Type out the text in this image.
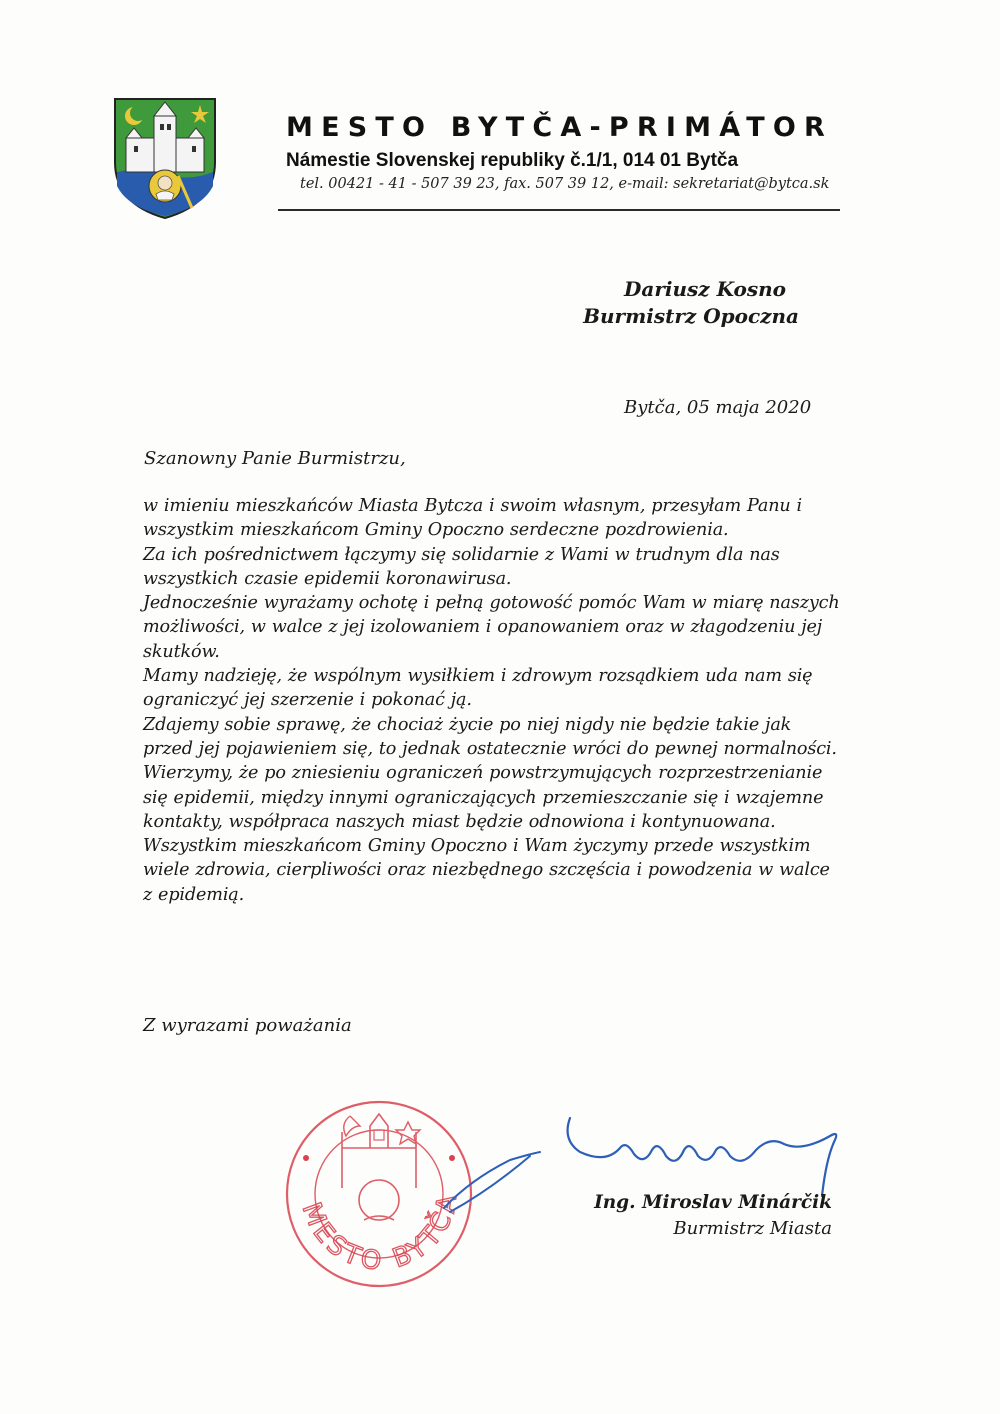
MESTO BYTČA-PRIMÁTOR
Námestie Slovenskej republiky č.1/1, 014 01 Bytča
tel. 00421 - 41 - 507 39 23, fax. 507 39 12, e-mail: sekretariat@bytca.sk
Dariusz Kosno
Burmistrz Opoczna
Bytča, 05 maja 2020
Szanowny Panie Burmistrzu,

w imieniu mieszkańców Miasta Bytcza i swoim własnym, przesyłam Panu i wszystkim mieszkańcom Gminy Opoczno serdeczne pozdrowienia.

Za ich pośrednictwem łączymy się solidarnie z Wami w trudnym dla nas wszystkich czasie epidemii koronawirusa.

Jednocześnie wyrażamy ochotę i pełną gotowość pomóc Wam w miarę naszych możliwości, w walce z jej izolowaniem i opanowaniem oraz w złagodzeniu jej skutków.

Mamy nadzieję, że wspólnym wysiłkiem i zdrowym rozsądkiem uda nam się ograniczyć jej szerzenie i pokonać ją.

Zdajemy sobie sprawę, że chociaż życie po niej nigdy nie będzie takie jak przed jej pojawieniem się, to jednak ostatecznie wróci do pewnej normalności.

Wierzymy, że po zniesieniu ograniczeń powstrzymujących rozprzestrzenianie się epidemii, między innymi ograniczających przemieszczanie się i wzajemne kontakty, współpraca naszych miast będzie odnowiona i kontynuowana.

Wszystkim mieszkańcom Gminy Opoczno i Wam życzymy przede wszystkim wiele zdrowia, cierpliwości oraz niezbędnego szczęścia i powodzenia w walce z epidemią.

Z wyrazami poważania
MESTO BYTČA	Ing. Miroslav Minárčik
Burmistrz Miasta
